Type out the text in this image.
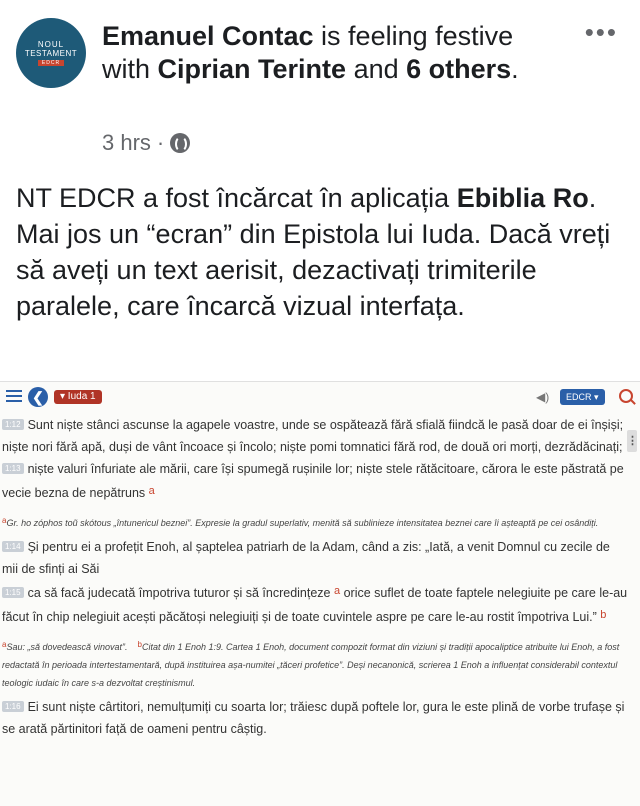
NOUL
TESTAMENT
EDCR
Emanuel Contac is feeling festive with Ciprian Terinte and 6 others.
•••
3 hrs ·
NT EDCR a fost încărcat în aplicația Ebiblia Ro. Mai jos un “ecran” din Epistola lui Iuda. Dacă vreți să aveți un text aerisit, dezactivați trimiterile paralele, care încarcă vizual interfața.
❮	▾ Iuda 1	◀)	EDCR ▾
⋮

1:12 Sunt niște stânci ascunse la agapele voastre, unde se ospătează fără sfială fiindcă le pasă doar de ei înșiși; niște nori fără apă, duși de vânt încoace și încolo; niște pomi tomnatici fără rod, de două ori morți, dezrădăcinați;

1:13 niște valuri înfuriate ale mării, care își spumegă rușinile lor; niște stele rătăcitoare, cărora le este păstrată pe vecie bezna de nepătruns a

aGr. ho zóphos toũ skótous „întunericul beznei”. Expresie la gradul superlativ, menită să sublinieze intensitatea beznei care îi așteaptă pe cei osândiți.

1:14 Și pentru ei a profețit Enoh, al șaptelea patriarh de la Adam, când a zis: „Iată, a venit Domnul cu zecile de mii de sfinți ai Săi

1:15 ca să facă judecată împotriva tuturor și să încredințeze a orice suflet de toate faptele nelegiuite pe care le-au făcut în chip nelegiuit acești păcătoși nelegiuiți și de toate cuvintele aspre pe care le-au rostit împotriva Lui.” b

aSau: „să dovedească vinovat”. bCitat din 1 Enoh 1:9. Cartea 1 Enoh, document compozit format din viziuni și tradiții apocaliptice atribuite lui Enoh, a fost redactată în perioada intertestamentară, după instituirea așa-numitei „tăceri profetice”. Deși necanonică, scrierea 1 Enoh a influențat considerabil contextul teologic iudaic în care s-a dezvoltat creștinismul.

1:16 Ei sunt niște cârtitori, nemulțumiți cu soarta lor; trăiesc după poftele lor, gura le este plină de vorbe trufașe și se arată părtinitori față de oameni pentru câștig.
